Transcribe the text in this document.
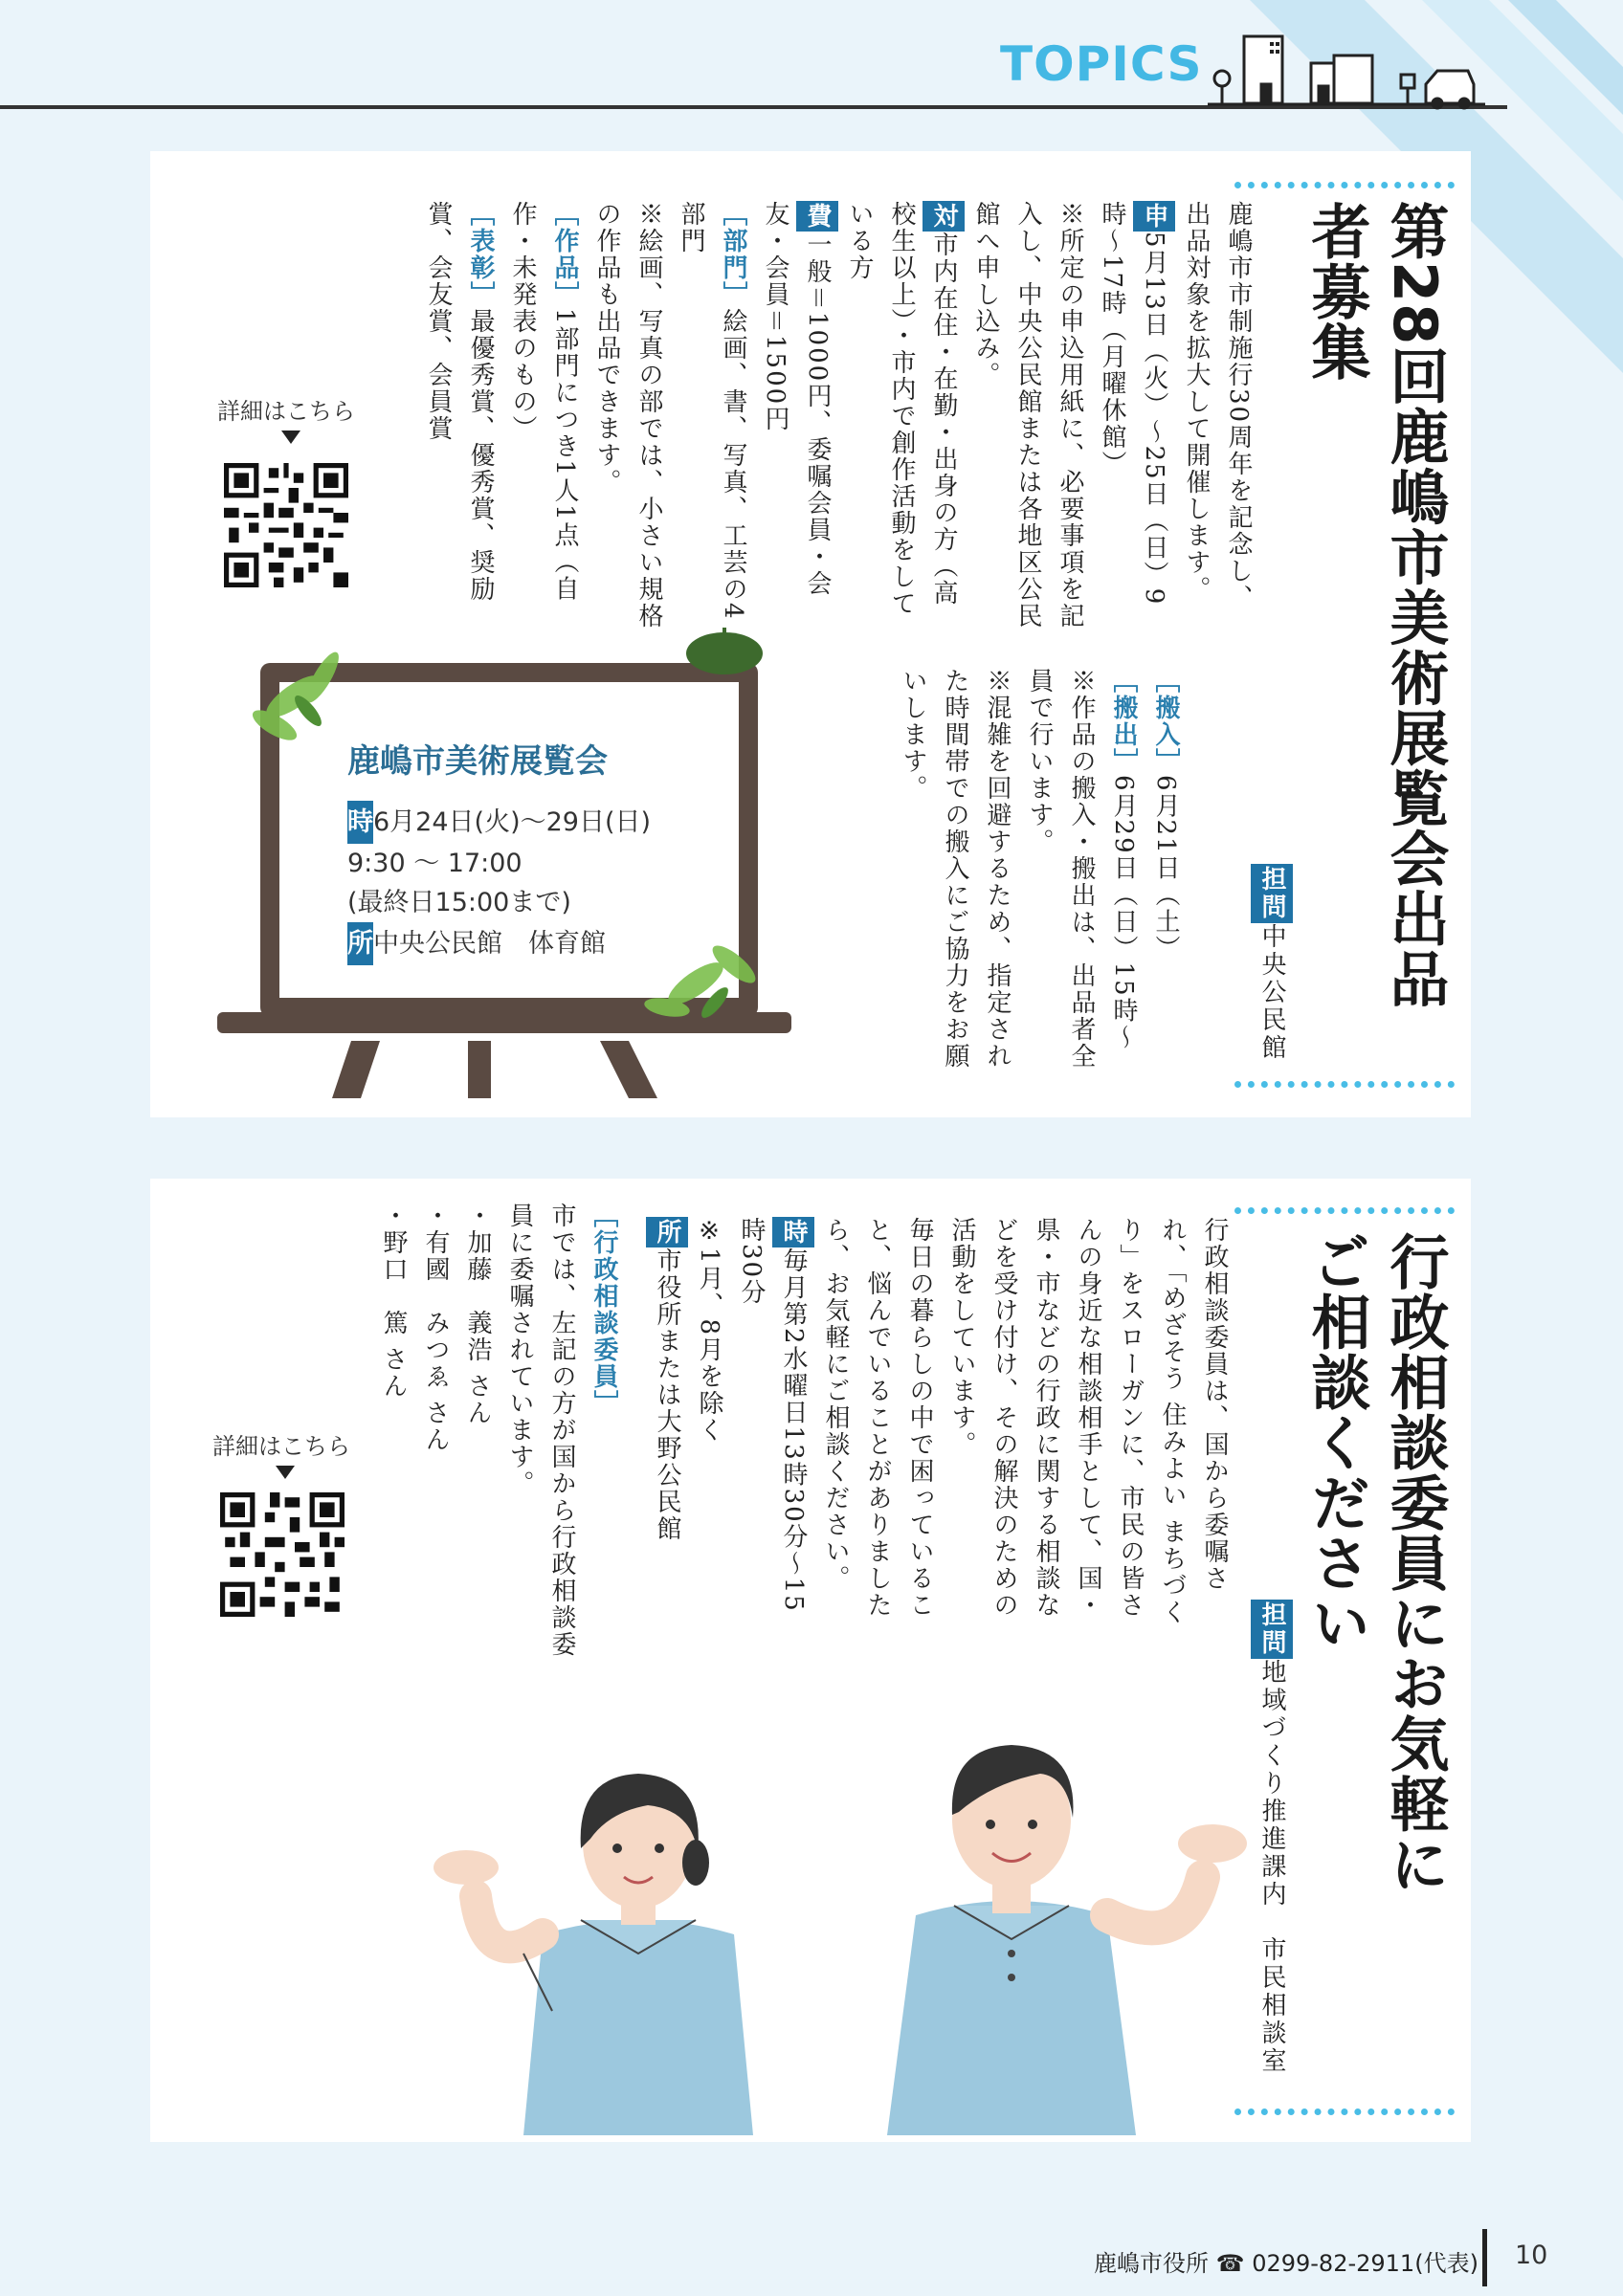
TOPICS
第28回鹿嶋市美術展覧会出品者募集
担問中央公民館

鹿嶋市市制施行30周年を記念し、出品対象を拡大して開催します。

申5月13日（火）〜25日（日）9時〜17時（月曜休館）

※所定の申込用紙に、必要事項を記入し、中央公民館または各地区公民館へ申し込み。

対市内在住・在勤・出身の方（高校生以上）・市内で創作活動をしている方

費一般＝1000円、委嘱会員・会友・会員＝1500円

［部門］絵画、書、写真、工芸の4部門

※絵画、写真の部では、小さい規格の作品も出品できます。

［作品］1部門につき1人1点（自作・未発表のもの）

［表彰］最優秀賞、優秀賞、奨励賞、会友賞、会員賞

［搬入］6月21日（土）

［搬出］6月29日（日）15時〜

※作品の搬入・搬出は、出品者全員で行います。

※混雑を回避するため、指定された時間帯での搬入にご協力をお願いします。

詳細はこちら
鹿嶋市美術展覧会
時6月24日(火)〜29日(日)
9:30 〜 17:00
(最終日15:00まで)
所中央公民館　体育館
行政相談委員にお気軽にご相談ください
担問地域づくり推進課内　市民相談室

行政相談委員は、国から委嘱され、「めざそう 住みよい まちづくり」をスローガンに、市民の皆さんの身近な相談相手として、国・県・市などの行政に関する相談などを受け付け、その解決のための活動をしています。

毎日の暮らしの中で困っていること、悩んでいることがありましたら、お気軽にご相談ください。

時毎月第2水曜日13時30分〜15時30分

※1月、8月を除く

所市役所または大野公民館

［行政相談委員］

市では、左記の方が国から行政相談委員に委嘱されています。

・加藤　義浩 さん

・有國　みつゑ さん

・野口　篤 さん

詳細はこちら
鹿嶋市役所 ☎ 0299-82-2911(代表) 10
